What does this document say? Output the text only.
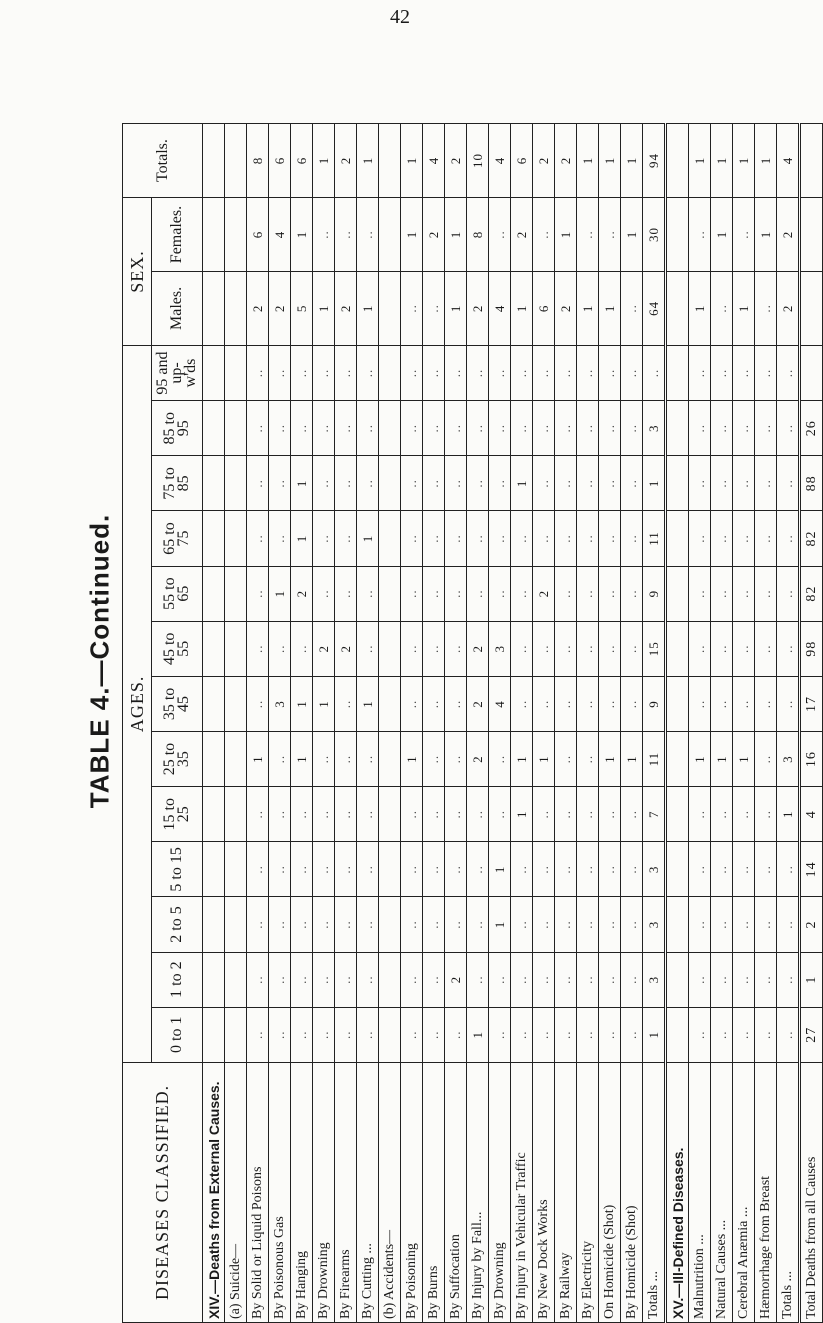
42
TABLE 4.—Continued.
DISEASES CLASSIFIED.	AGES.													SEX.		Totals.
	0 to 1	1 to 2	2 to 5	5 to 15	15 to 25	25 to 35	35 to 45	45 to 55	55 to 65	65 to 75	75 to 85	85 to 95	95 and up-w'ds	Males.	Females.	
XIV.—Deaths from External Causes.																
(a) Suicide—																
By Solid or Liquid Poisons	..	..	..	..	..	1	..	..	..	..	..	..	..	2	6	8
By Poisonous Gas	..	..	..	..	..	..	3	..	1	..	..	..	..	2	4	6
By Hanging	..	..	..	..	..	1	1	..	2	1	1	..	..	5	1	6
By Drowning	..	..	..	..	..	..	1	2	..	..	..	..	..	1	..	1
By Firearms	..	..	..	..	..	..	..	2	..	..	..	..	..	2	..	2
By Cutting ...	..	..	..	..	..	..	1	..	..	1	..	..	..	1	..	1
(b) Accidents—																
By Poisoning	..	..	..	..	..	1	..	..	..	..	..	..	..	..	1	1
By Burns	..	..	..	..	..	..	..	..	..	..	..	..	..	..	2	4
By Suffocation	..	2	..	..	..	..	..	..	..	..	..	..	..	1	1	2
By Injury by Fall...	1	..	..	..	..	2	2	2	..	..	..	..	..	2	8	10
By Drowning	..	..	1	1	..	..	4	3	..	..	..	..	..	4	..	4
By Injury in Vehicular Traffic	..	..	..	..	1	1	..	..	..	..	1	..	..	1	2	6
By New Dock Works	..	..	..	..	..	1	..	..	2	..	..	..	..	6	..	2
By Railway	..	..	..	..	..	..	..	..	..	..	..	..	..	2	1	2
By Electricity	..	..	..	..	..	..	..	..	..	..	..	..	..	1	..	1
On Homicide (Shot)	..	..	..	..	..	1	..	..	..	..	..	..	..	1	..	1
By Homicide (Shot)	..	..	..	..	..	1	..	..	..	..	..	..	..	..	1	1
Totals ...	1	3	3	3	7	11	9	15	9	11	1	3	..	64	30	94
XV.—Ill-Defined Diseases.																
Malnutrition ...	..	..	..	..	..	1	..	..	..	..	..	..	..	1	..	1
Natural Causes ...	..	..	..	..	..	1	..	..	..	..	..	..	..	..	1	1
Cerebral Anæmia ...	..	..	..	..	..	1	..	..	..	..	..	..	..	1	..	1
Hæmorrhage from Breast	..	..	..	..	..	..	..	..	..	..	..	..	..	..	1	1
Totals ...	..	..	..	..	1	3	..	..	..	..	..	..	..	2	2	4
Total Deaths from all Causes	27	1	2	14	4	16	17	98	82	82	88	26				
